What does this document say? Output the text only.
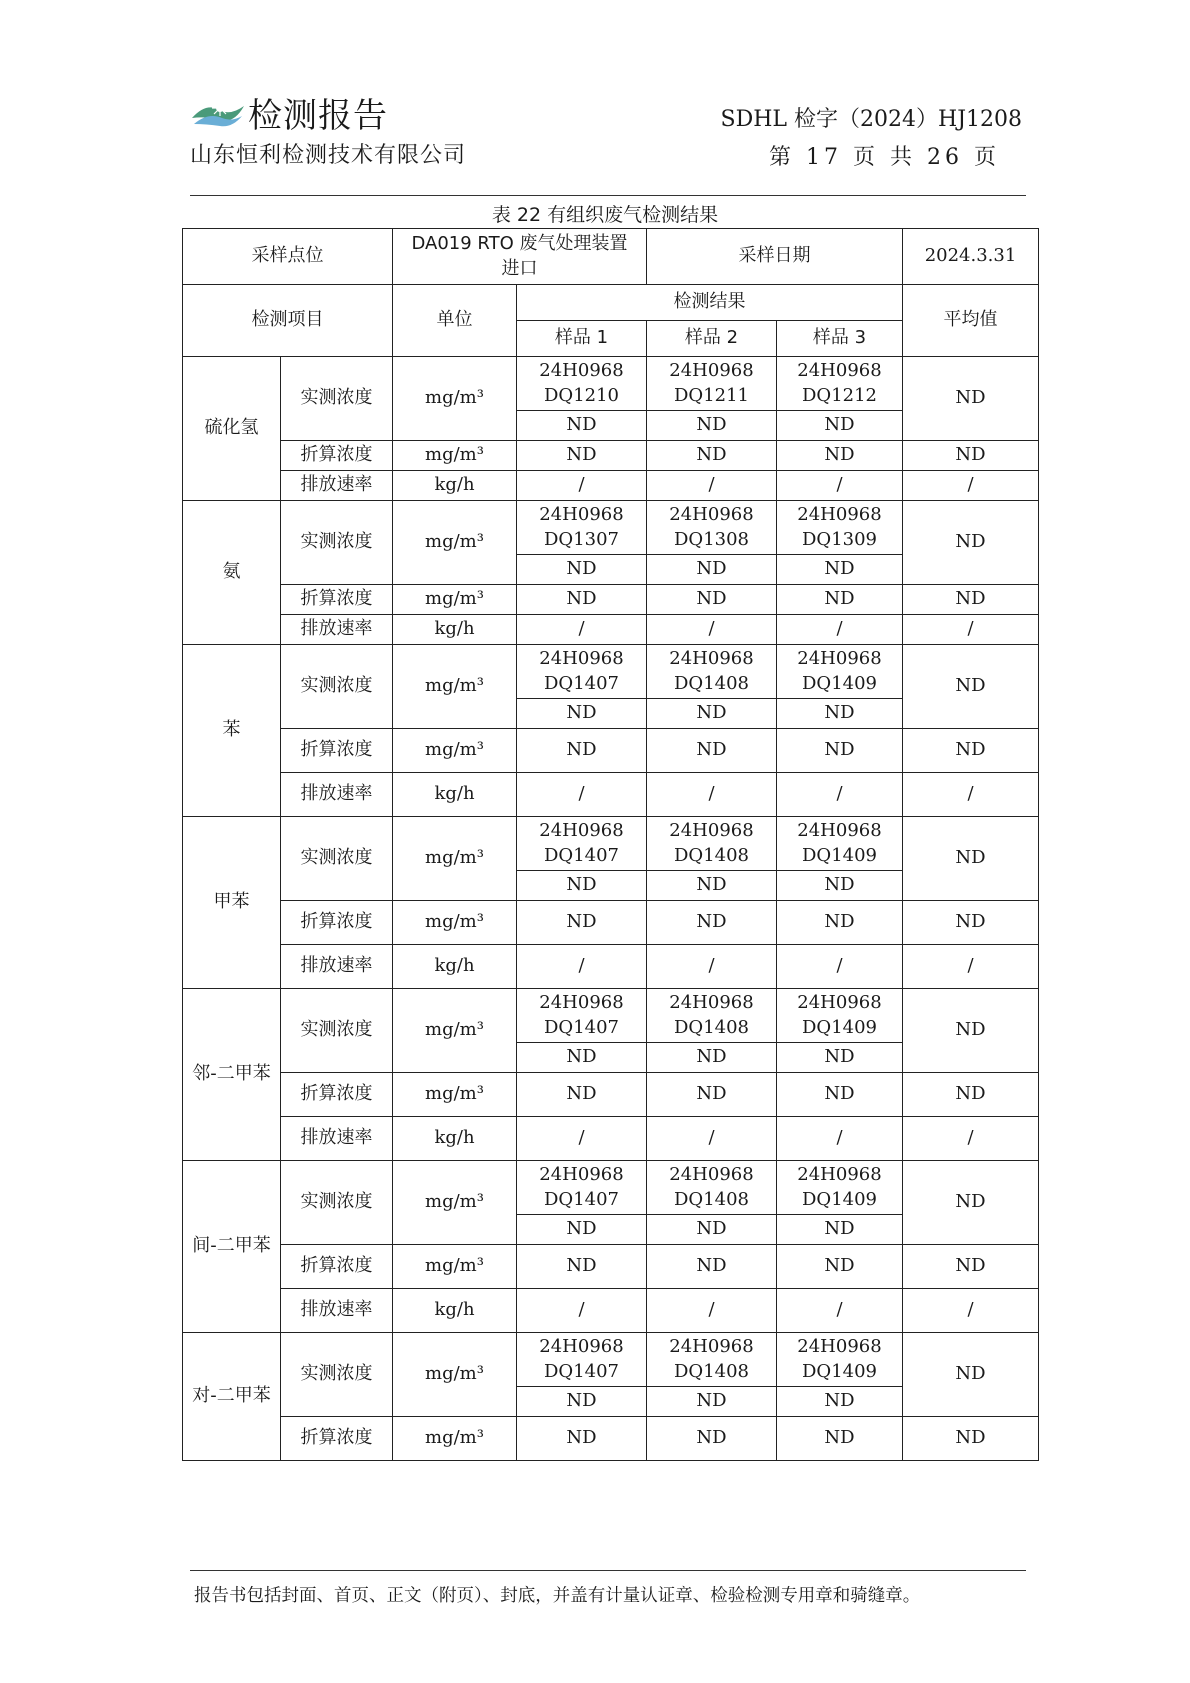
检测报告
山东恒利检测技术有限公司
SDHL 检字（2024）HJ1208
第 17 页 共 26 页
表 22 有组织废气检测结果
采样点位		DA019 RTO 废气处理装置进口		采样日期		2024.3.31
检测项目		单位	检测结果			平均值
			样品 1	样品 2	样品 3	
硫化氢	实测浓度	mg/m³	24H0968 DQ1210	24H0968 DQ1211	24H0968 DQ1212	ND
			ND	ND	ND	
	折算浓度	mg/m³	ND	ND	ND	ND
	排放速率	kg/h	/	/	/	/
氨	实测浓度	mg/m³	24H0968 DQ1307	24H0968 DQ1308	24H0968 DQ1309	ND
			ND	ND	ND	
	折算浓度	mg/m³	ND	ND	ND	ND
	排放速率	kg/h	/	/	/	/
苯	实测浓度	mg/m³	24H0968 DQ1407	24H0968 DQ1408	24H0968 DQ1409	ND
			ND	ND	ND	
	折算浓度	mg/m³	ND	ND	ND	ND
	排放速率	kg/h	/	/	/	/
甲苯	实测浓度	mg/m³	24H0968 DQ1407	24H0968 DQ1408	24H0968 DQ1409	ND
			ND	ND	ND	
	折算浓度	mg/m³	ND	ND	ND	ND
	排放速率	kg/h	/	/	/	/
邻-二甲苯	实测浓度	mg/m³	24H0968 DQ1407	24H0968 DQ1408	24H0968 DQ1409	ND
			ND	ND	ND	
	折算浓度	mg/m³	ND	ND	ND	ND
	排放速率	kg/h	/	/	/	/
间-二甲苯	实测浓度	mg/m³	24H0968 DQ1407	24H0968 DQ1408	24H0968 DQ1409	ND
			ND	ND	ND	
	折算浓度	mg/m³	ND	ND	ND	ND
	排放速率	kg/h	/	/	/	/
对-二甲苯	实测浓度	mg/m³	24H0968 DQ1407	24H0968 DQ1408	24H0968 DQ1409	ND
			ND	ND	ND	
	折算浓度	mg/m³	ND	ND	ND	ND
报告书包括封面、首页、正文（附页）、封底，并盖有计量认证章、检验检测专用章和骑缝章。
